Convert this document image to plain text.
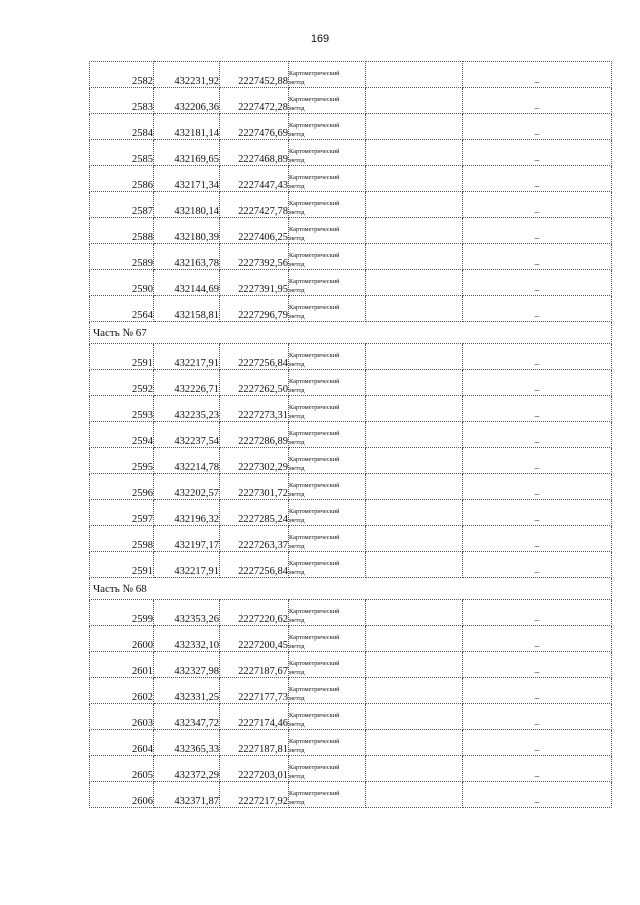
169
2582	432231,92	2227452,88	Картометрический
метод		–
2583	432206,36	2227472,28	Картометрический
метод		–
2584	432181,14	2227476,69	Картометрический
метод		–
2585	432169,65	2227468,89	Картометрический
метод		–
2586	432171,34	2227447,43	Картометрический
метод		–
2587	432180,14	2227427,78	Картометрический
метод		–
2588	432180,39	2227406,25	Картометрический
метод		–
2589	432163,78	2227392,56	Картометрический
метод		–
2590	432144,69	2227391,95	Картометрический
метод		–
2564	432158,81	2227296,79	Картометрический
метод		–
Часть № 67					
2591	432217,91	2227256,84	Картометрический
метод		–
2592	432226,71	2227262,50	Картометрический
метод		–
2593	432235,23	2227273,31	Картометрический
метод		–
2594	432237,54	2227286,89	Картометрический
метод		–
2595	432214,78	2227302,29	Картометрический
метод		–
2596	432202,57	2227301,72	Картометрический
метод		–
2597	432196,32	2227285,24	Картометрический
метод		–
2598	432197,17	2227263,37	Картометрический
метод		–
2591	432217,91	2227256,84	Картометрический
метод		–
Часть № 68					
2599	432353,26	2227220,62	Картометрический
метод		–
2600	432332,10	2227200,45	Картометрический
метод		–
2601	432327,98	2227187,67	Картометрический
метод		–
2602	432331,25	2227177,73	Картометрический
метод		–
2603	432347,72	2227174,46	Картометрический
метод		–
2604	432365,33	2227187,81	Картометрический
метод		–
2605	432372,29	2227203,01	Картометрический
метод		–
2606	432371,87	2227217,92	Картометрический
метод		–
